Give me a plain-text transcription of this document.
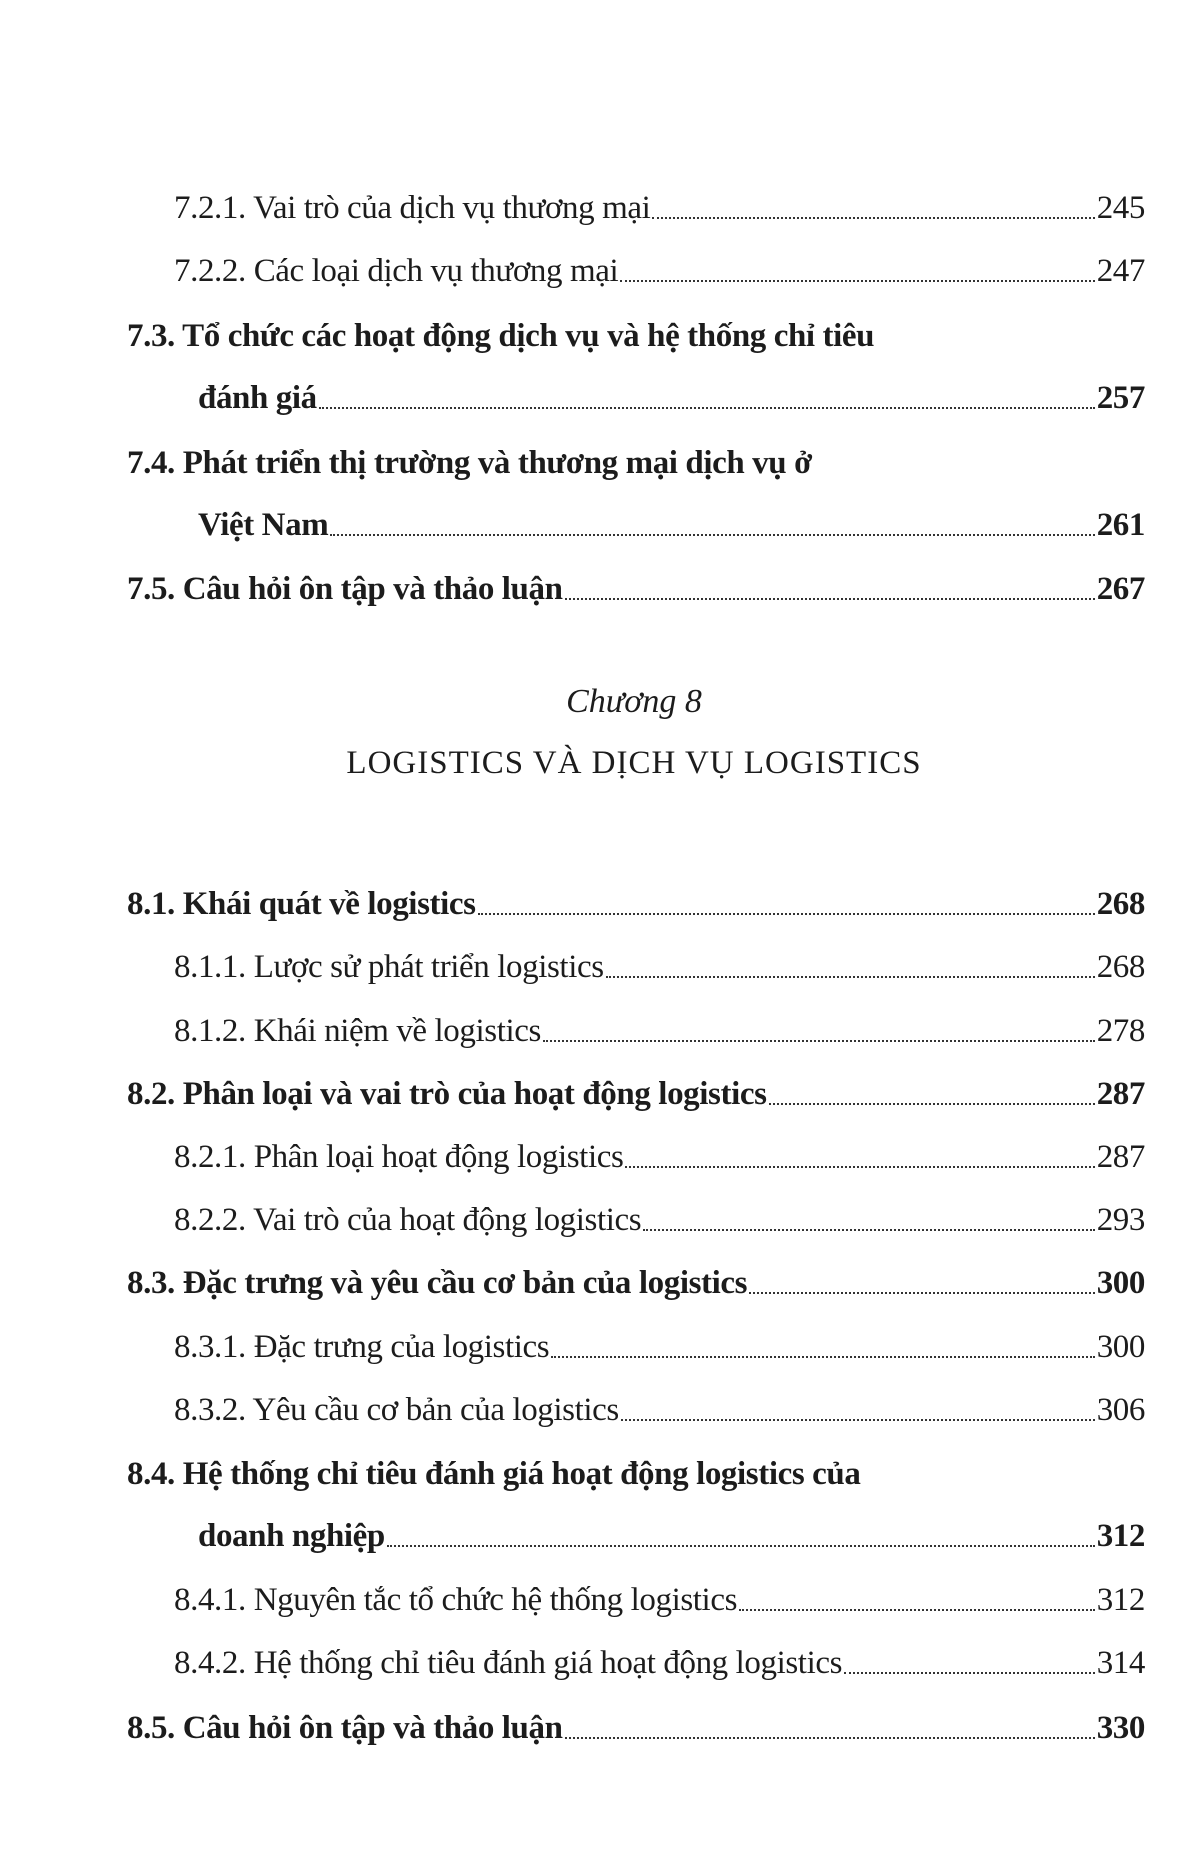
Chương 8
LOGISTICS VÀ DỊCH VỤ LOGISTICS
7.2.1. Vai trò của dịch vụ thương mại	245
7.2.2. Các loại dịch vụ thương mại	247
7.3. Tổ chức các hoạt động dịch vụ và hệ thống chỉ tiêu
đánh giá	257
7.4. Phát triển thị trường và thương mại dịch vụ ở
Việt Nam	261
7.5. Câu hỏi ôn tập và thảo luận	267
8.1. Khái quát về logistics	268
8.1.1. Lược sử phát triển logistics	268
8.1.2. Khái niệm về logistics	278
8.2. Phân loại và vai trò của hoạt động logistics	287
8.2.1. Phân loại hoạt động logistics	287
8.2.2. Vai trò của hoạt động logistics	293
8.3. Đặc trưng và yêu cầu cơ bản của logistics	300
8.3.1. Đặc trưng của logistics	300
8.3.2. Yêu cầu cơ bản của logistics	306
8.4. Hệ thống chỉ tiêu đánh giá hoạt động logistics của
doanh nghiệp	312
8.4.1. Nguyên tắc tổ chức hệ thống logistics	312
8.4.2. Hệ thống chỉ tiêu đánh giá hoạt động logistics	314
8.5. Câu hỏi ôn tập và thảo luận	330
